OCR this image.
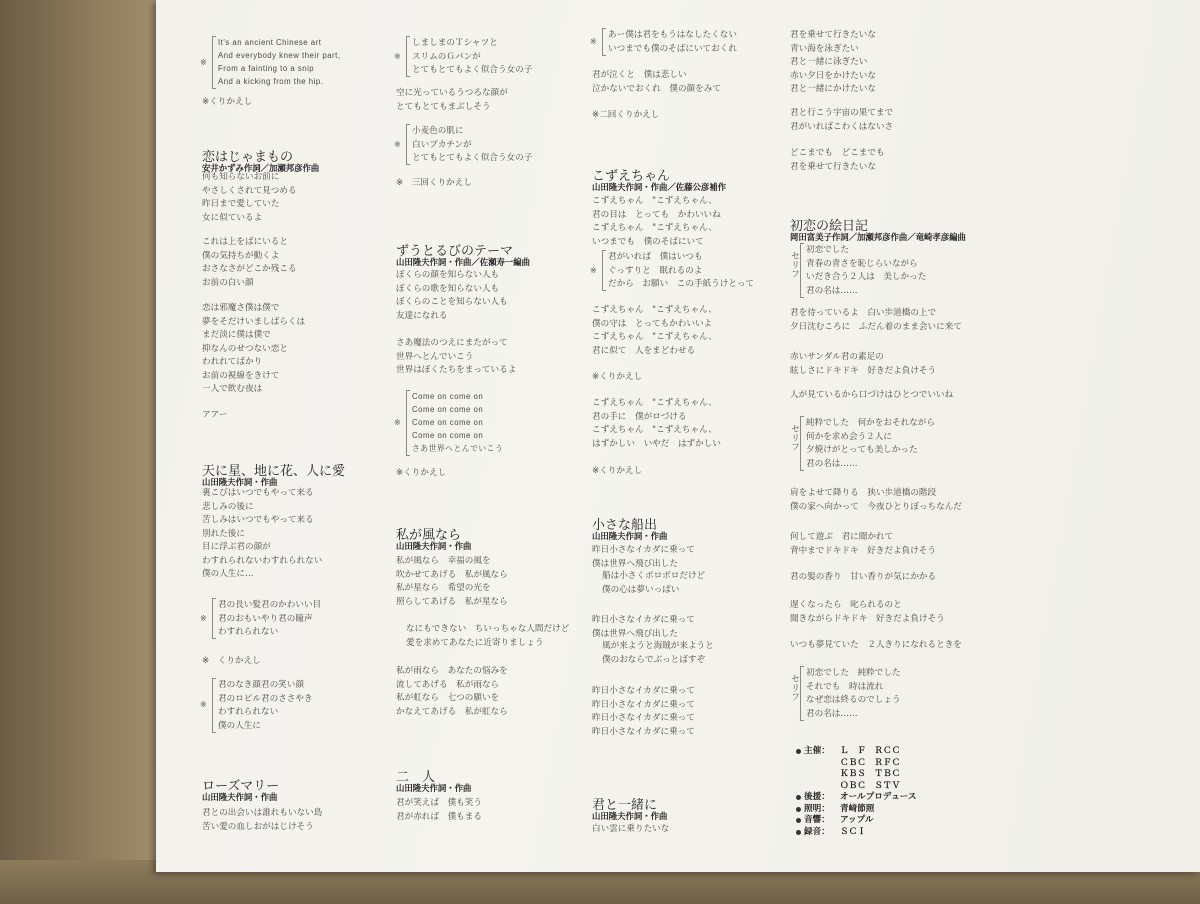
It's an ancient Chinese art
And everybody knew their part,
From a fainting to a snip
And a kicking from the hip.
※
※くりかえし
恋はじゃまもの
安井かずみ作詞／加瀬邦彦作曲
何も知らないお前に
やさしくされて見つめる
昨日まで愛していた
女に似ているよ
これは上をばにいると
僕の気持ちが動くよ
おさなさがどこか残こる
お前の白い顔
恋は邪魔さ僕は僕で
夢をそだけいましばらくは
まだ淡に僕は僕で
抑なんのせつない恋と
われれてばかり
お前の視線をきけて
一人で飲む夜は
アアー
天に星、地に花、人に愛
山田隆夫作詞・作曲
裏こびはいつでもやって来る
悲しみの後に
苦しみはいつでもやって来る
別れた後に
目に浮ぶ君の顔が
わすれられないわすれられない
僕の人生に…
君の長い髪君のかわいい目
君のおもいやり君の瞳声
わすれられない
※
※　くりかえし
君のなき顔君の笑い顔
君のロビル君のささやき
わすれられない
僕の人生に
※
ローズマリー
山田隆夫作詞・作曲
君との出会いは誰れもいない島
苦い愛の血しおがはじけそう
しましまのＴシャツと
スリムのＧパンが
とてもとてもよく似合う女の子
※
空に光っているうつろな顔が
とてもとてもまぶしそう
小麦色の肌に
白いブカチンが
とてもとてもよく似合う女の子
※
※　三回くりかえし
ずうとるびのテーマ
山田隆夫作詞・作曲／佐瀬寿一編曲
ぼくらの顔を知らない人も
ぼくらの歌を知らない人も
ぼくらのことを知らない人も
友達になれる
さあ魔法のつえにまたがって
世界へとんでいこう
世界はぼくたちをまっているよ
Come on come on
Come on come on
Come on come on
Come on come on
さあ世界へとんでいこう
※
※くりかえし
私が風なら
山田隆夫作詞・作曲
私が風なら　幸福の風を
吹かせてあげる　私が風なら
私が星なら　希望の光を
照らしてあげる　私が星なら
なにもできない　ちいっちゃな人間だけど
愛を求めてあなたに近寄りましょう
私が雨なら　あなたの悩みを
流してあげる　私が雨なら
私が虹なら　七つの願いを
かなえてあげる　私が虹なら
二　人
山田隆夫作詞・作曲
君が笑えば　僕も笑う
君が赤れば　僕もまる
あー僕は君をもうはなしたくない
いつまでも僕のそばにいておくれ
※
君が泣くと　僕は悲しい
泣かないでおくれ　僕の顔をみて
※二回くりかえし
こずえちゃん
山田隆夫作詞・作曲／佐藤公彦補作
こずえちゃん　"こずえちゃん、
君の目は　とっても　かわいいね
こずえちゃん　"こずえちゃん、
いつまでも　僕のそばにいて
君がいれば　僕はいつも
ぐっすりと　眠れるのよ
だから　お願い　この手紙うけとって
※
こずえちゃん　"こずえちゃん、
僕の守は　とってもかわいいよ
こずえちゃん　"こずえちゃん、
君に似て　人をまどわせる
※くりかえし
こずえちゃん　"こずえちゃん、
君の手に　僕がロづける
こずえちゃん　"こずえちゃん、
はずかしい　いやだ　はずかしい
※くりかえし
小さな船出
山田隆夫作詞・作曲
昨日小さなイカダに乗って
僕は世界へ飛び出した
船は小さくボロボロだけど
僕の心は夢いっぱい
昨日小さなイカダに乗って
僕は世界へ飛び出した
風が来ようと海賊が来ようと
僕のおならでぶっとばすぞ
昨日小さなイカダに乗って
昨日小さなイカダに乗って
昨日小さなイカダに乗って
昨日小さなイカダに乗って
君と一緒に
山田隆夫作詞・作曲
白い雲に乗りたいな
君を乗せて行きたいな
青い海を泳ぎたい
君と一緒に泳ぎたい
赤い夕日をかけたいな
君と一緒にかけたいな
君と行こう宇宙の果てまで
君がいればこわくはないさ
どこまでも　どこまでも
君を乗せて行きたいな
初恋の絵日記
岡田富美子作詞／加瀬邦彦作曲／竜崎孝彦編曲
初恋でした
青春の青さを恥じらいながら
いだき合う２人は　美しかった
君の名は……
セリフ
君を待っているよ　白い歩道橋の上で
夕日沈むころに　ふだん着のまま会いに来て
赤いサンダル君の素足の
眩しさにドキドキ　好きだよ負けそう
人が見ているから口づけはひとつでいいね
純粋でした　何かをおそれながら
何かを求め会う２人に
夕焼けがとっても美しかった
君の名は……
セリフ
肩をよせて降りる　狭い歩道橋の階段
僕の家へ向かって　今夜ひとりぼっちなんだ
何して遊ぶ　君に聞かれて
背中までドキドキ　好きだよ負けそう
君の髪の香り　甘い香りが気にかかる
遅くなったら　叱られるのと
聞きながらドキドキ　好きだよ負けそう
いつも夢見ていた　２人きりになれるときを
初恋でした　純粋でした
それでも　時は流れ
なぜ恋は終るのでしょう
君の名は……
セリフ
主催： Ｌ　Ｆ　ＲＣＣ
ＣＢＣ　ＲＦＣ
ＫＢＳ　ＴＢＣ
ＯＢＣ　ＳＴＶ
後援： オールプロデュース
照明： 青﨑節照
音響： アップル
録音： ＳＣＩ
